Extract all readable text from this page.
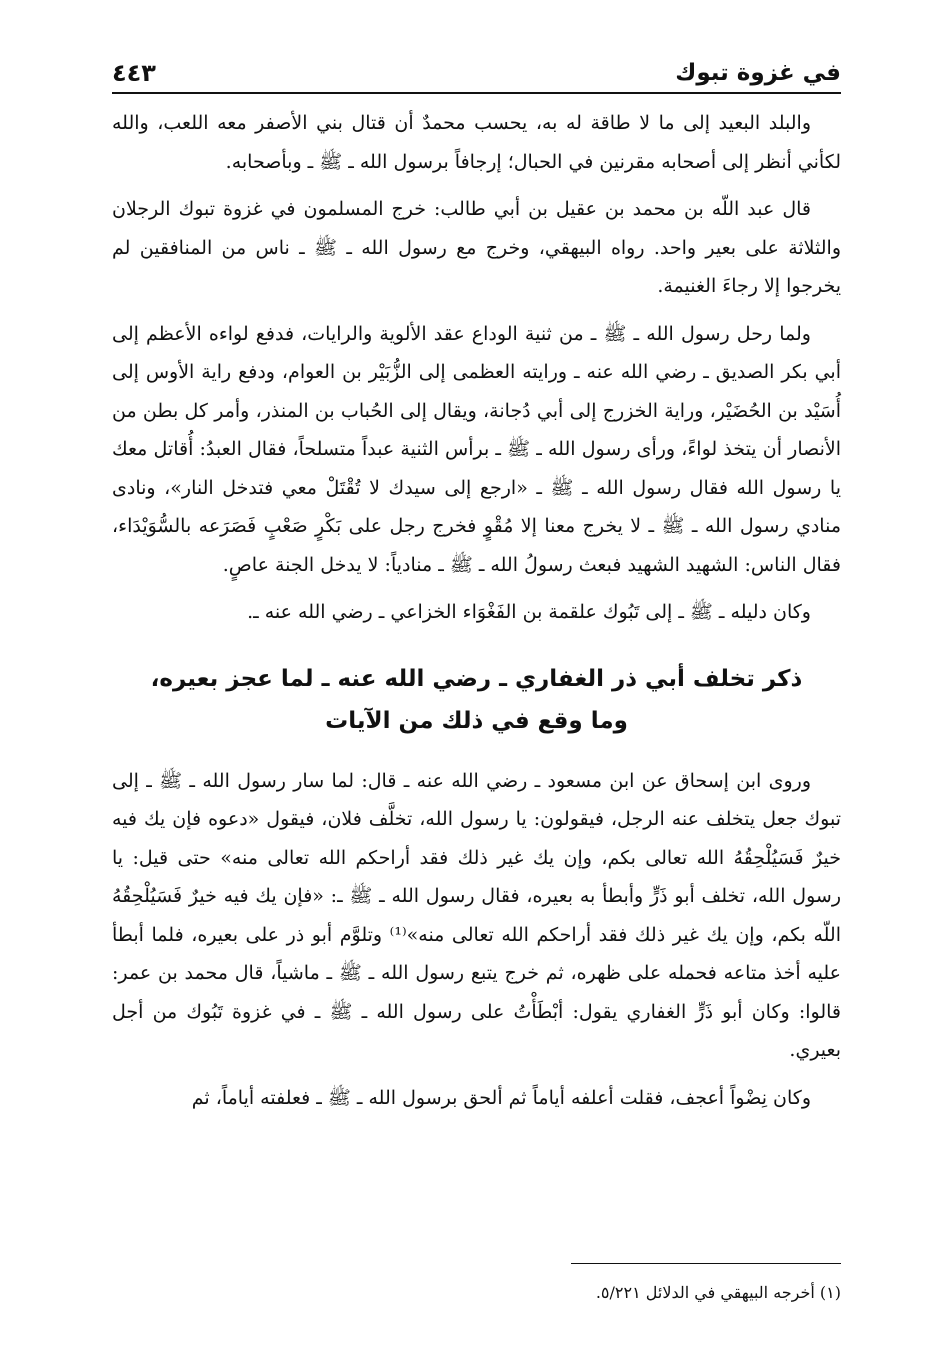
في غزوة تبوك
٤٤٣

والبلد البعيد إلى ما لا طاقة له به، يحسب محمدٌ أن قتال بني الأصفر معه اللعب، والله لكأني أنظر إلى أصحابه مقرنين في الحبال؛ إرجافاً برسول الله ـ ﷺ ـ وبأصحابه.

قال عبد اللّه بن محمد بن عقيل بن أبي طالب: خرج المسلمون في غزوة تبوك الرجلان والثلاثة على بعير واحد. رواه البيهقي، وخرج مع رسول الله ـ ﷺ ـ ناس من المنافقين لم يخرجوا إلا رجاءَ الغنيمة.

ولما رحل رسول الله ـ ﷺ ـ من ثنية الوداع عقد الألوية والرايات، فدفع لواءه الأعظم إلى أبي بكر الصديق ـ رضي الله عنه ـ ورايته العظمى إلى الزُّبَيْر بن العوام، ودفع راية الأوس إلى أُسَيْد بن الحُضَيْر، وراية الخزرج إلى أبي دُجانة، ويقال إلى الحُباب بن المنذر، وأمر كل بطن من الأنصار أن يتخذ لواءً، ورأى رسول الله ـ ﷺ ـ برأس الثنية عبداً متسلحاً، فقال العبدُ: أُقاتل معك يا رسول الله فقال رسول الله ـ ﷺ ـ «ارجع إلى سيدك لا تُقْتَلْ معي فتدخل النار»، ونادى منادي رسول الله ـ ﷺ ـ لا يخرج معنا إلا مُقْوٍ فخرج رجل على بَكْرٍ صَعْبٍ فَصَرَعه بالسُّوَيْدَاء، فقال الناس: الشهيد الشهيد فبعث رسولُ الله ـ ﷺ ـ منادياً: لا يدخل الجنة عاصٍ.

وكان دليله ـ ﷺ ـ إلى تَبُوك علقمة بن الفَغْوَاء الخزاعي ـ رضي الله عنه ـ.

ذكر تخلف أبي ذر الغفاري ـ رضي الله عنه ـ لما عجز بعيره، وما وقع في ذلك من الآيات

وروى ابن إسحاق عن ابن مسعود ـ رضي الله عنه ـ قال: لما سار رسول الله ـ ﷺ ـ إلى تبوك جعل يتخلف عنه الرجل، فيقولون: يا رسول الله، تخلَّف فلان، فيقول «دعوه فإن يك فيه خيرٌ فَسَيُلْحِقُهُ الله تعالى بكم، وإن يك غير ذلك فقد أراحكم الله تعالى منه» حتى قيل: يا رسول الله، تخلف أبو ذَرٍّ وأبطأ به بعيره، فقال رسول الله ـ ﷺ ـ: «فإن يك فيه خيرٌ فَسَيُلْحِقُهُ اللّه بكم، وإن يك غير ذلك فقد أراحكم الله تعالى منه»⁽¹⁾ وتلوَّم أبو ذر على بعيره، فلما أبطأ عليه أخذ متاعه فحمله على ظهره، ثم خرج يتبع رسول الله ـ ﷺ ـ ماشياً، قال محمد بن عمر: قالوا: وكان أبو ذَرٍّ الغفاري يقول: أبْطَأْتُ على رسول الله ـ ﷺ ـ في غزوة تَبُوك من أجل بعيري.

وكان نِضْواً أعجف، فقلت أعلفه أياماً ثم ألحق برسول الله ـ ﷺ ـ فعلفته أياماً، ثم

(١) أخرجه البيهقي في الدلائل ٥/٢٢١.
